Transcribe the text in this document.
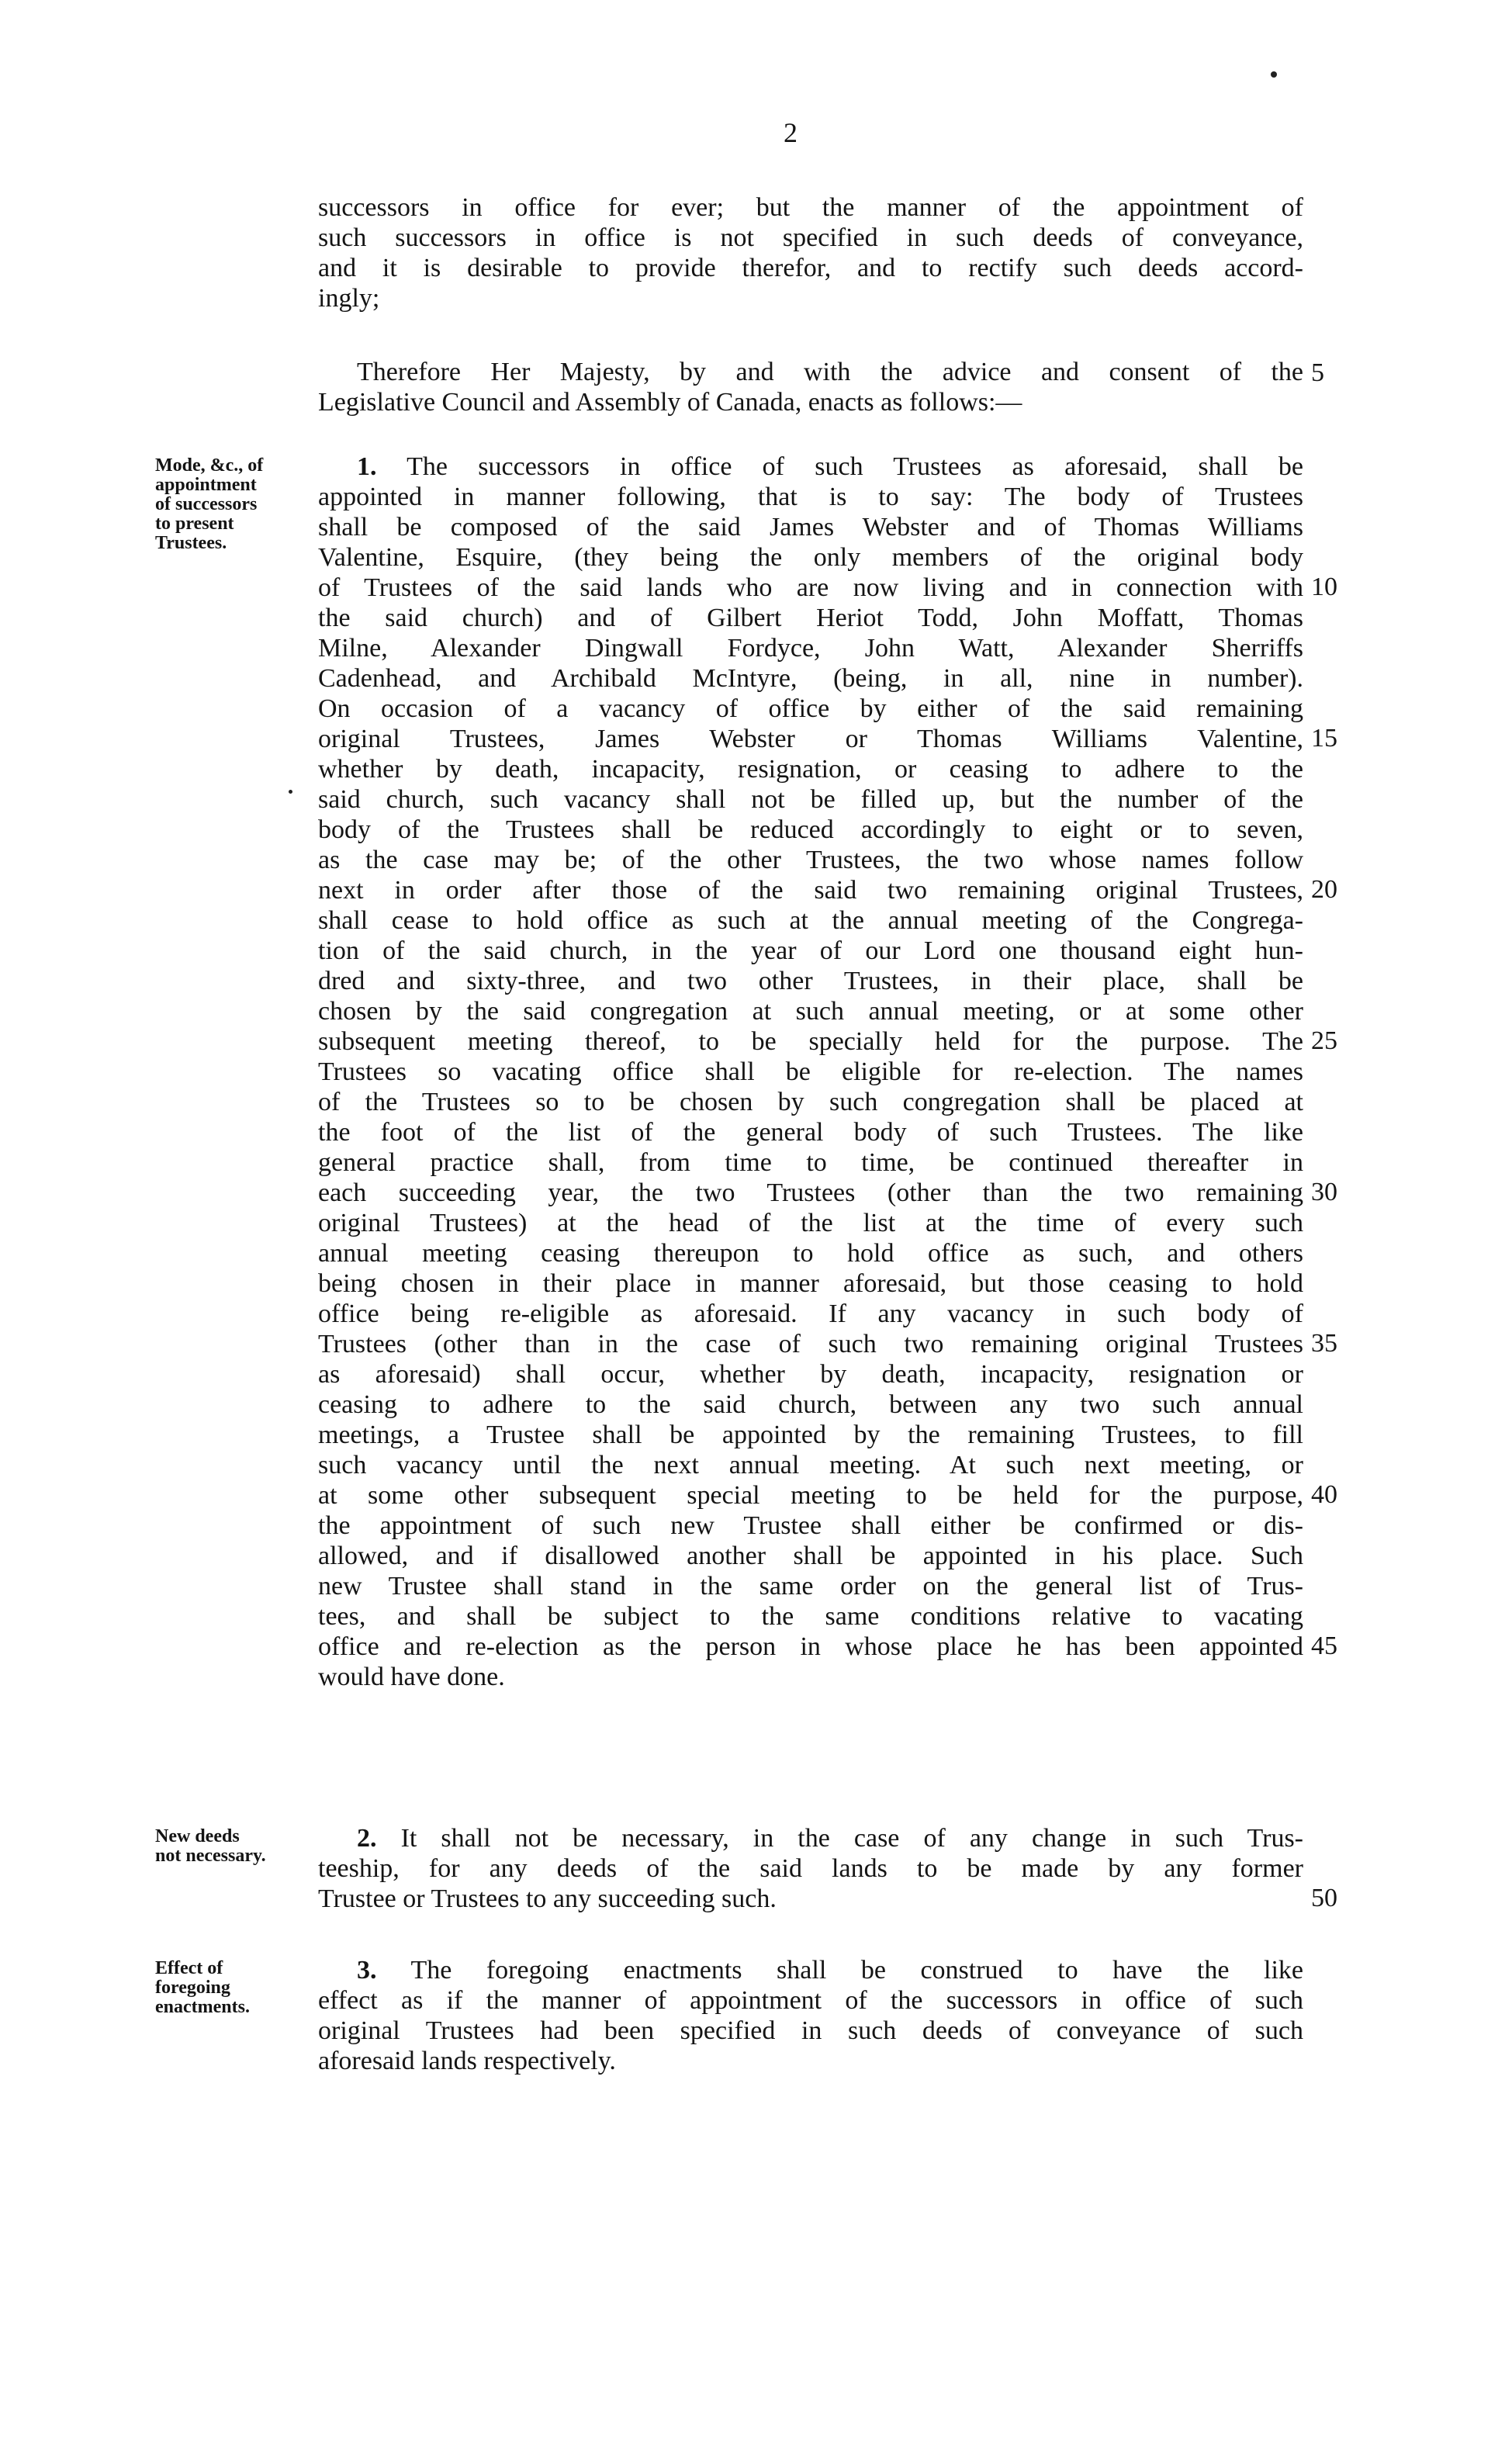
2
successors in office for ever; but the manner of the appointment of
such successors in office is not specified in such deeds of conveyance,
and it is desirable to provide therefor, and to rectify such deeds accord-
ingly;
Therefore Her Majesty, by and with the advice and consent of the
Legislative Council and Assembly of Canada, enacts as follows:—
Mode, &c., of
appointment
of successors
to present
Trustees.
1. The successors in office of such Trustees as aforesaid, shall be
appointed in manner following, that is to say: The body of Trustees
shall be composed of the said James Webster and of Thomas Williams
Valentine, Esquire, (they being the only members of the original body
of Trustees of the said lands who are now living and in connection with
the said church) and of Gilbert Heriot Todd, John Moffatt, Thomas
Milne, Alexander Dingwall Fordyce, John Watt, Alexander Sherriffs
Cadenhead, and Archibald McIntyre, (being, in all, nine in number).
On occasion of a vacancy of office by either of the said remaining
original Trustees, James Webster or Thomas Williams Valentine,
whether by death, incapacity, resignation, or ceasing to adhere to the
said church, such vacancy shall not be filled up, but the number of the
body of the Trustees shall be reduced accordingly to eight or to seven,
as the case may be; of the other Trustees, the two whose names follow
next in order after those of the said two remaining original Trustees,
shall cease to hold office as such at the annual meeting of the Congrega-
tion of the said church, in the year of our Lord one thousand eight hun-
dred and sixty-three, and two other Trustees, in their place, shall be
chosen by the said congregation at such annual meeting, or at some other
subsequent meeting thereof, to be specially held for the purpose. The
Trustees so vacating office shall be eligible for re-election. The names
of the Trustees so to be chosen by such congregation shall be placed at
the foot of the list of the general body of such Trustees. The like
general practice shall, from time to time, be continued thereafter in
each succeeding year, the two Trustees (other than the two remaining
original Trustees) at the head of the list at the time of every such
annual meeting ceasing thereupon to hold office as such, and others
being chosen in their place in manner aforesaid, but those ceasing to hold
office being re-eligible as aforesaid. If any vacancy in such body of
Trustees (other than in the case of such two remaining original Trustees
as aforesaid) shall occur, whether by death, incapacity, resignation or
ceasing to adhere to the said church, between any two such annual
meetings, a Trustee shall be appointed by the remaining Trustees, to fill
such vacancy until the next annual meeting. At such next meeting, or
at some other subsequent special meeting to be held for the purpose,
the appointment of such new Trustee shall either be confirmed or dis-
allowed, and if disallowed another shall be appointed in his place. Such
new Trustee shall stand in the same order on the general list of Trus-
tees, and shall be subject to the same conditions relative to vacating
office and re-election as the person in whose place he has been appointed
would have done.
New deeds
not necessary.
2. It shall not be necessary, in the case of any change in such Trus-
teeship, for any deeds of the said lands to be made by any former
Trustee or Trustees to any succeeding such.
Effect of
foregoing
enactments.
3. The foregoing enactments shall be construed to have the like
effect as if the manner of appointment of the successors in office of such
original Trustees had been specified in such deeds of conveyance of such
aforesaid lands respectively.
5
10
15
20
25
30
35
40
45
50
